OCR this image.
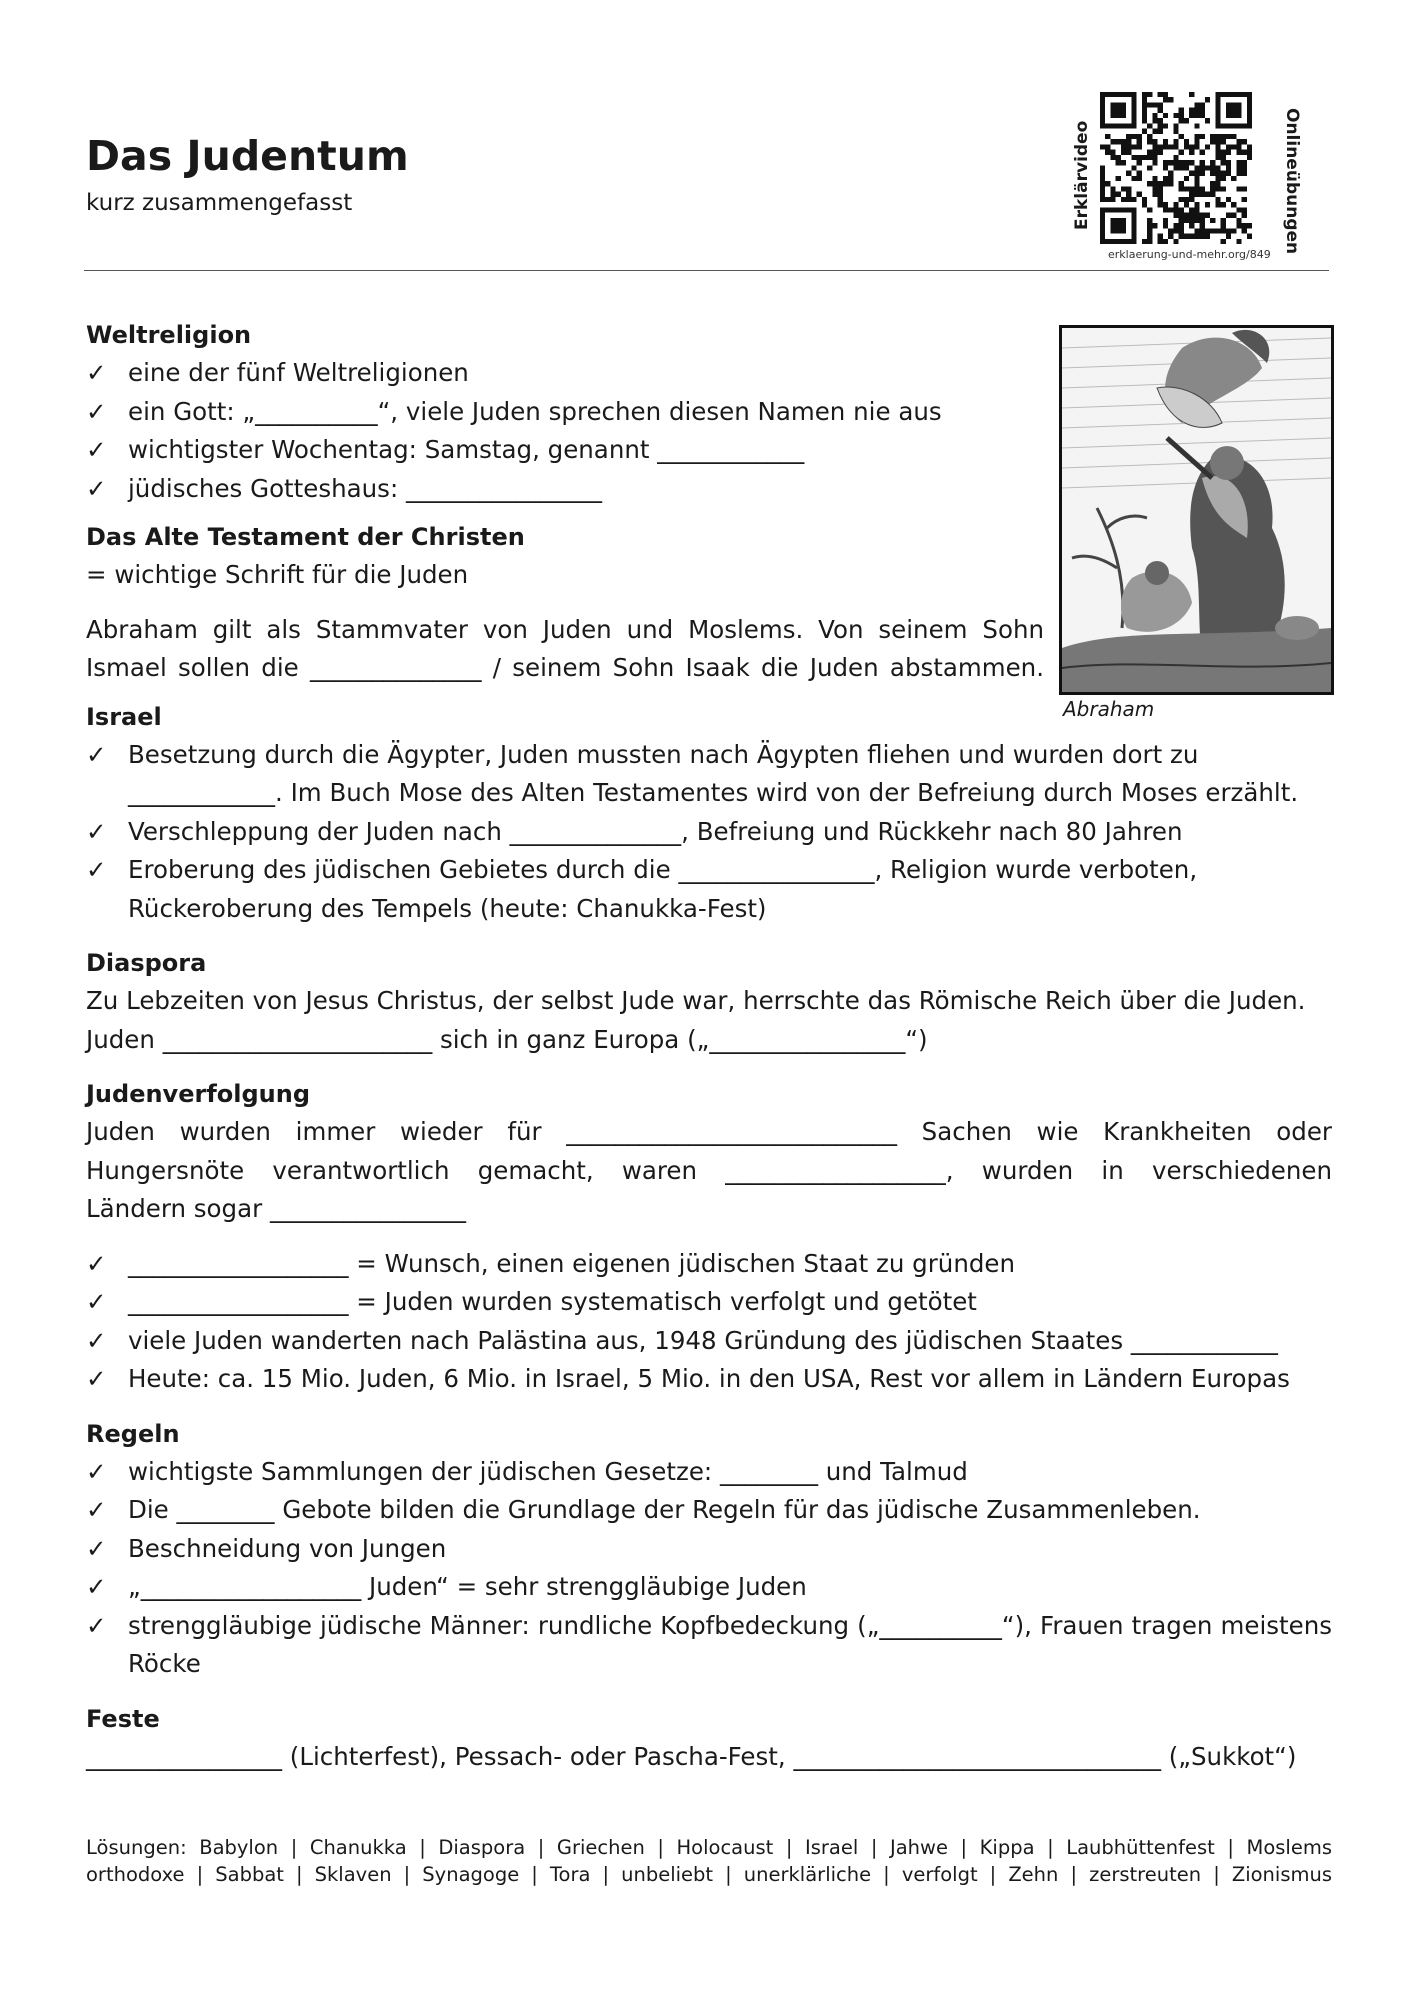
Das Judentum
kurz zusammengefasst	Erklärvideo	Onlineübungen
erklaerung-und-mehr.org/849
Abraham
Weltreligion
✓ eine der fünf Weltreligionen
✓ ein Gott: „__________“, viele Juden sprechen diesen Namen nie aus
✓ wichtigster Wochentag: Samstag, genannt ____________
✓ jüdisches Gotteshaus: ________________
Das Alte Testament der Christen

= wichtige Schrift für die Juden

Abraham gilt als Stammvater von Juden und Moslems. Von seinem Sohn

Ismael sollen die ______________ / seinem Sohn Isaak die Juden abstammen.

Israel
✓ Besetzung durch die Ägypter, Juden mussten nach Ägypten fliehen und wurden dort zu ____________. Im Buch Mose des Alten Testamentes wird von der Befreiung durch Moses erzählt.
✓ Verschleppung der Juden nach ______________, Befreiung und Rückkehr nach 80 Jahren
✓ Eroberung des jüdischen Gebietes durch die ________________, Religion wurde verboten, Rückeroberung des Tempels (heute: Chanukka-Fest)
Diaspora

Zu Lebzeiten von Jesus Christus, der selbst Jude war, herrschte das Römische Reich über die Juden.

Juden ______________________ sich in ganz Europa („________________“)

Judenverfolgung

Juden wurden immer wieder für ___________________________ Sachen wie Krankheiten oder

Hungersnöte verantwortlich gemacht, waren __________________, wurden in verschiedenen

Ländern sogar ________________

✓ __________________ = Wunsch, einen eigenen jüdischen Staat zu gründen
✓ __________________ = Juden wurden systematisch verfolgt und getötet
✓ viele Juden wanderten nach Palästina aus, 1948 Gründung des jüdischen Staates ____________
✓ Heute: ca. 15 Mio. Juden, 6 Mio. in Israel, 5 Mio. in den USA, Rest vor allem in Ländern Europas
Regeln
✓ wichtigste Sammlungen der jüdischen Gesetze: ________ und Talmud
✓ Die ________ Gebote bilden die Grundlage der Regeln für das jüdische Zusammenleben.
✓ Beschneidung von Jungen
✓ „__________________ Juden“ = sehr strenggläubige Juden
✓ strenggläubige jüdische Männer: rundliche Kopfbedeckung („__________“), Frauen tragen meistens Röcke
Feste

________________ (Lichterfest), Pessach- oder Pascha-Fest, ______________________________ („Sukkot“)

Lösungen: Babylon | Chanukka | Diaspora | Griechen | Holocaust | Israel | Jahwe | Kippa | Laubhüttenfest | Moslems
orthodoxe | Sabbat | Sklaven | Synagoge | Tora | unbeliebt | unerklärliche | verfolgt | Zehn | zerstreuten | Zionismus
